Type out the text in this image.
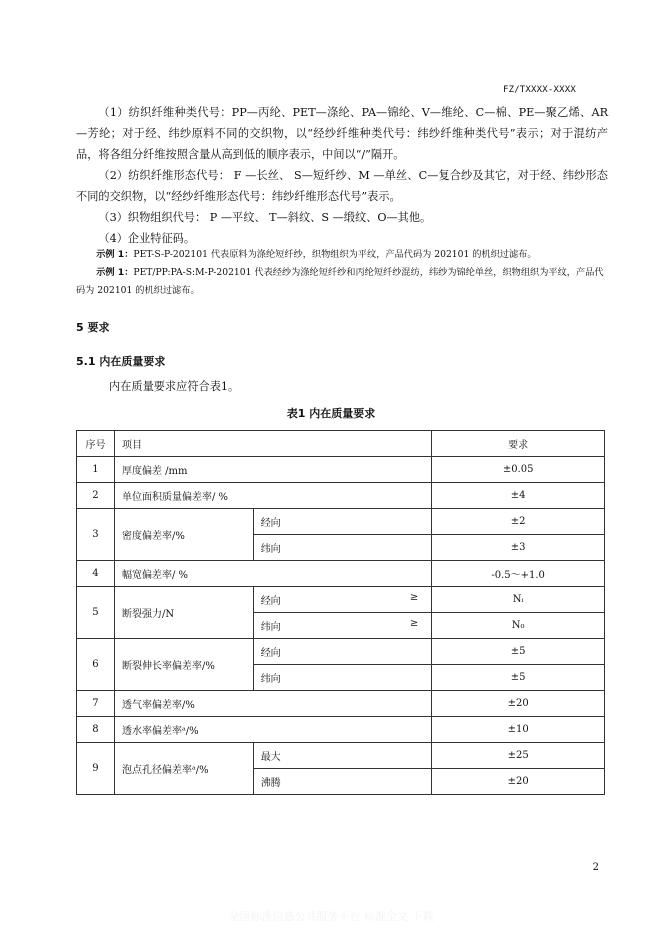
FZ/TXXXX-XXXX
（1）纺织纤维种类代号：PP—丙纶、PET—涤纶、PA—锦纶、V—维纶、C—棉、PE—聚乙烯、AR—芳纶；对于经、纬纱原料不同的交织物，以“经纱纤维种类代号：纬纱纤维种类代号”表示；对于混纺产品，将各组分纤维按照含量从高到低的顺序表示，中间以“/”隔开。
（2）纺织纤维形态代号： F —长丝、 S—短纤纱、M —单丝、C—复合纱及其它，对于经、纬纱形态不同的交织物，以“经纱纤维形态代号：纬纱纤维形态代号”表示。
（3）织物组织代号： P —平纹、 T—斜纹、S —缎纹、O—其他。
（4）企业特征码。
示例 1：PET-S-P-202101 代表原料为涤纶短纤纱，织物组织为平纹，产品代码为 202101 的机织过滤布。
示例 1：PET/PP:PA-S:M-P-202101 代表经纱为涤纶短纤纱和丙纶短纤纱混纺，纬纱为锦纶单丝，织物组织为平纹，产品代码为 202101 的机织过滤布。
5 要求
5.1 内在质量要求
内在质量要求应符合表1。
表1 内在质量要求
序号	项目		要求
1	厚度偏差 /mm		±0.05
2	单位面积质量偏差率/ %		±4
3	密度偏差率/%	经向	±2
		纬向	±3
4	幅宽偏差率/ %		-0.5～+1.0
5	断裂强力/N	经向 ≥	Nᵢ
		纬向 ≥	N₀
6	断裂伸长率偏差率/%	经向	±5
		纬向	±5
7	透气率偏差率/%		±20
8	透水率偏差率ᵃ/%		±10
9	泡点孔径偏差率ᵃ/%	最大	±25
		沸腾	±20
2
全国标准信息公共服务平台 标准全文 下载
